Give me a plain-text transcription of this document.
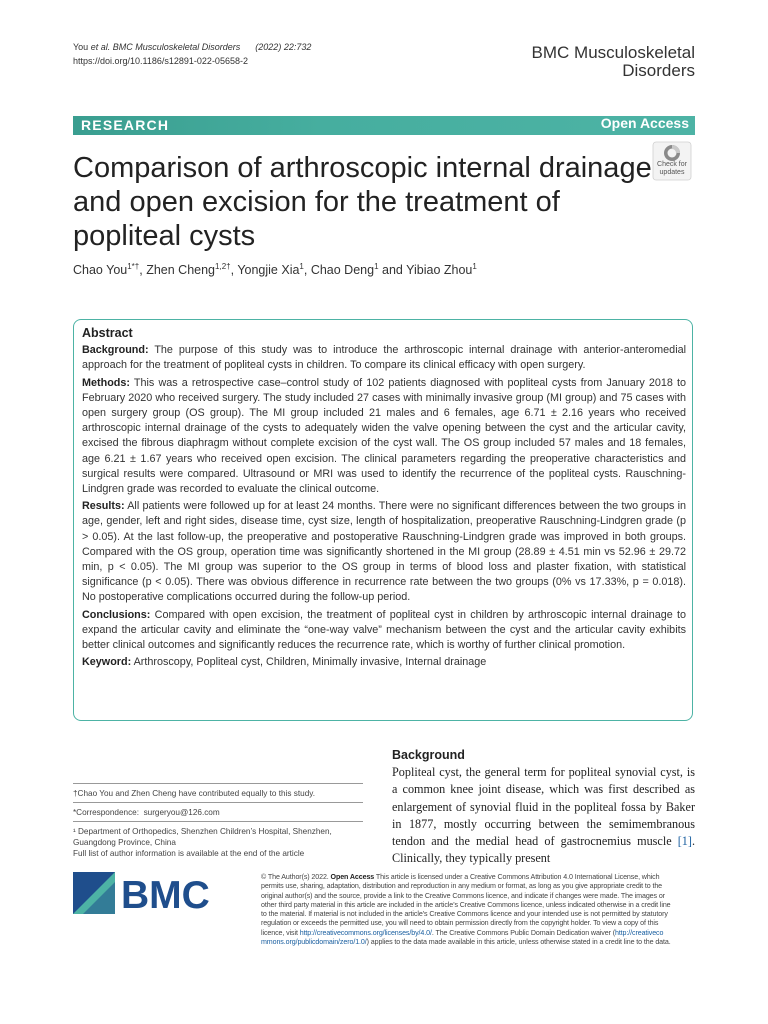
You et al. BMC Musculoskeletal Disorders (2022) 22:732
https://doi.org/10.1186/s12891-022-05658-2	BMC Musculoskeletal
Disorders
RESEARCH	Open Access
Check for
updates
Comparison of arthroscopic internal drainage and open excision for the treatment of popliteal cysts
Chao You$^{1*\dagger}$, Zhen Cheng$^{1,2\dagger}$, Yongjie Xia$^1$, Chao Deng$^1$ and Yibiao Zhou$^1$
Abstract

Background: The purpose of this study was to introduce the arthroscopic internal drainage with anterior-anteromedial approach for the treatment of popliteal cysts in children. To compare its clinical efficacy with open surgery.

Methods: This was a retrospective case–control study of 102 patients diagnosed with popliteal cysts from January 2018 to February 2020 who received surgery. The study included 27 cases with minimally invasive group (MI group) and 75 cases with open surgery group (OS group). The MI group included 21 males and 6 females, age 6.71 ± 2.16 years who received arthroscopic internal drainage of the cysts to adequately widen the valve opening between the cyst and the articular cavity, excised the fibrous diaphragm without complete excision of the cyst wall. The OS group included 57 males and 18 females, age 6.21 ± 1.67 years who received open excision. The clinical parameters regarding the preoperative characteristics and surgical results were compared. Ultrasound or MRI was used to identify the recurrence of the popliteal cysts. Rauschning-Lindgren grade was recorded to evaluate the clinical outcome.

Results: All patients were followed up for at least 24 months. There were no significant differences between the two groups in age, gender, left and right sides, disease time, cyst size, length of hospitalization, preoperative Rauschning-Lindgren grade (p > 0.05). At the last follow-up, the preoperative and postoperative Rauschning-Lindgren grade was improved in both groups. Compared with the OS group, operation time was significantly shortened in the MI group (28.89 ± 4.51 min vs 52.96 ± 29.72 min, p < 0.05). The MI group was superior to the OS group in terms of blood loss and plaster fixation, with statistical significance (p < 0.05). There was obvious difference in recurrence rate between the two groups (0% vs 17.33%, p = 0.018). No postoperative complications occurred during the follow-up period.

Conclusions: Compared with open excision, the treatment of popliteal cyst in children by arthroscopic internal drainage to expand the articular cavity and eliminate the “one-way valve” mechanism between the cyst and the articular cavity exhibits better clinical outcomes and significantly reduces the recurrence rate, which is worthy of further clinical promotion.

Keyword: Arthroscopy, Popliteal cyst, Children, Minimally invasive, Internal drainage

†Chao You and Zhen Cheng have contributed equally to this study.
*Correspondence: surgeryou@126.com
¹ Department of Orthopedics, Shenzhen Children’s Hospital, Shenzhen, Guangdong Province, China
Full list of author information is available at the end of the article
Background
Popliteal cyst, the general term for popliteal synovial cyst, is a common knee joint disease, which was first described as enlargement of synovial fluid in the popliteal fossa by Baker in 1877, mostly occurring between the semimembranous tendon and the medial head of gastrocnemius muscle [1]. Clinically, they typically present
BMC	© The Author(s) 2022. Open Access This article is licensed under a Creative Commons Attribution 4.0 International License, which
permits use, sharing, adaptation, distribution and reproduction in any medium or format, as long as you give appropriate credit to the
original author(s) and the source, provide a link to the Creative Commons licence, and indicate if changes were made. The images or
other third party material in this article are included in the article’s Creative Commons licence, unless indicated otherwise in a credit line
to the material. If material is not included in the article’s Creative Commons licence and your intended use is not permitted by statutory
regulation or exceeds the permitted use, you will need to obtain permission directly from the copyright holder. To view a copy of this
licence, visit http://creativecommons.org/licenses/by/4.0/. The Creative Commons Public Domain Dedication waiver (http://creativeco
mmons.org/publicdomain/zero/1.0/) applies to the data made available in this article, unless otherwise stated in a credit line to the data.
